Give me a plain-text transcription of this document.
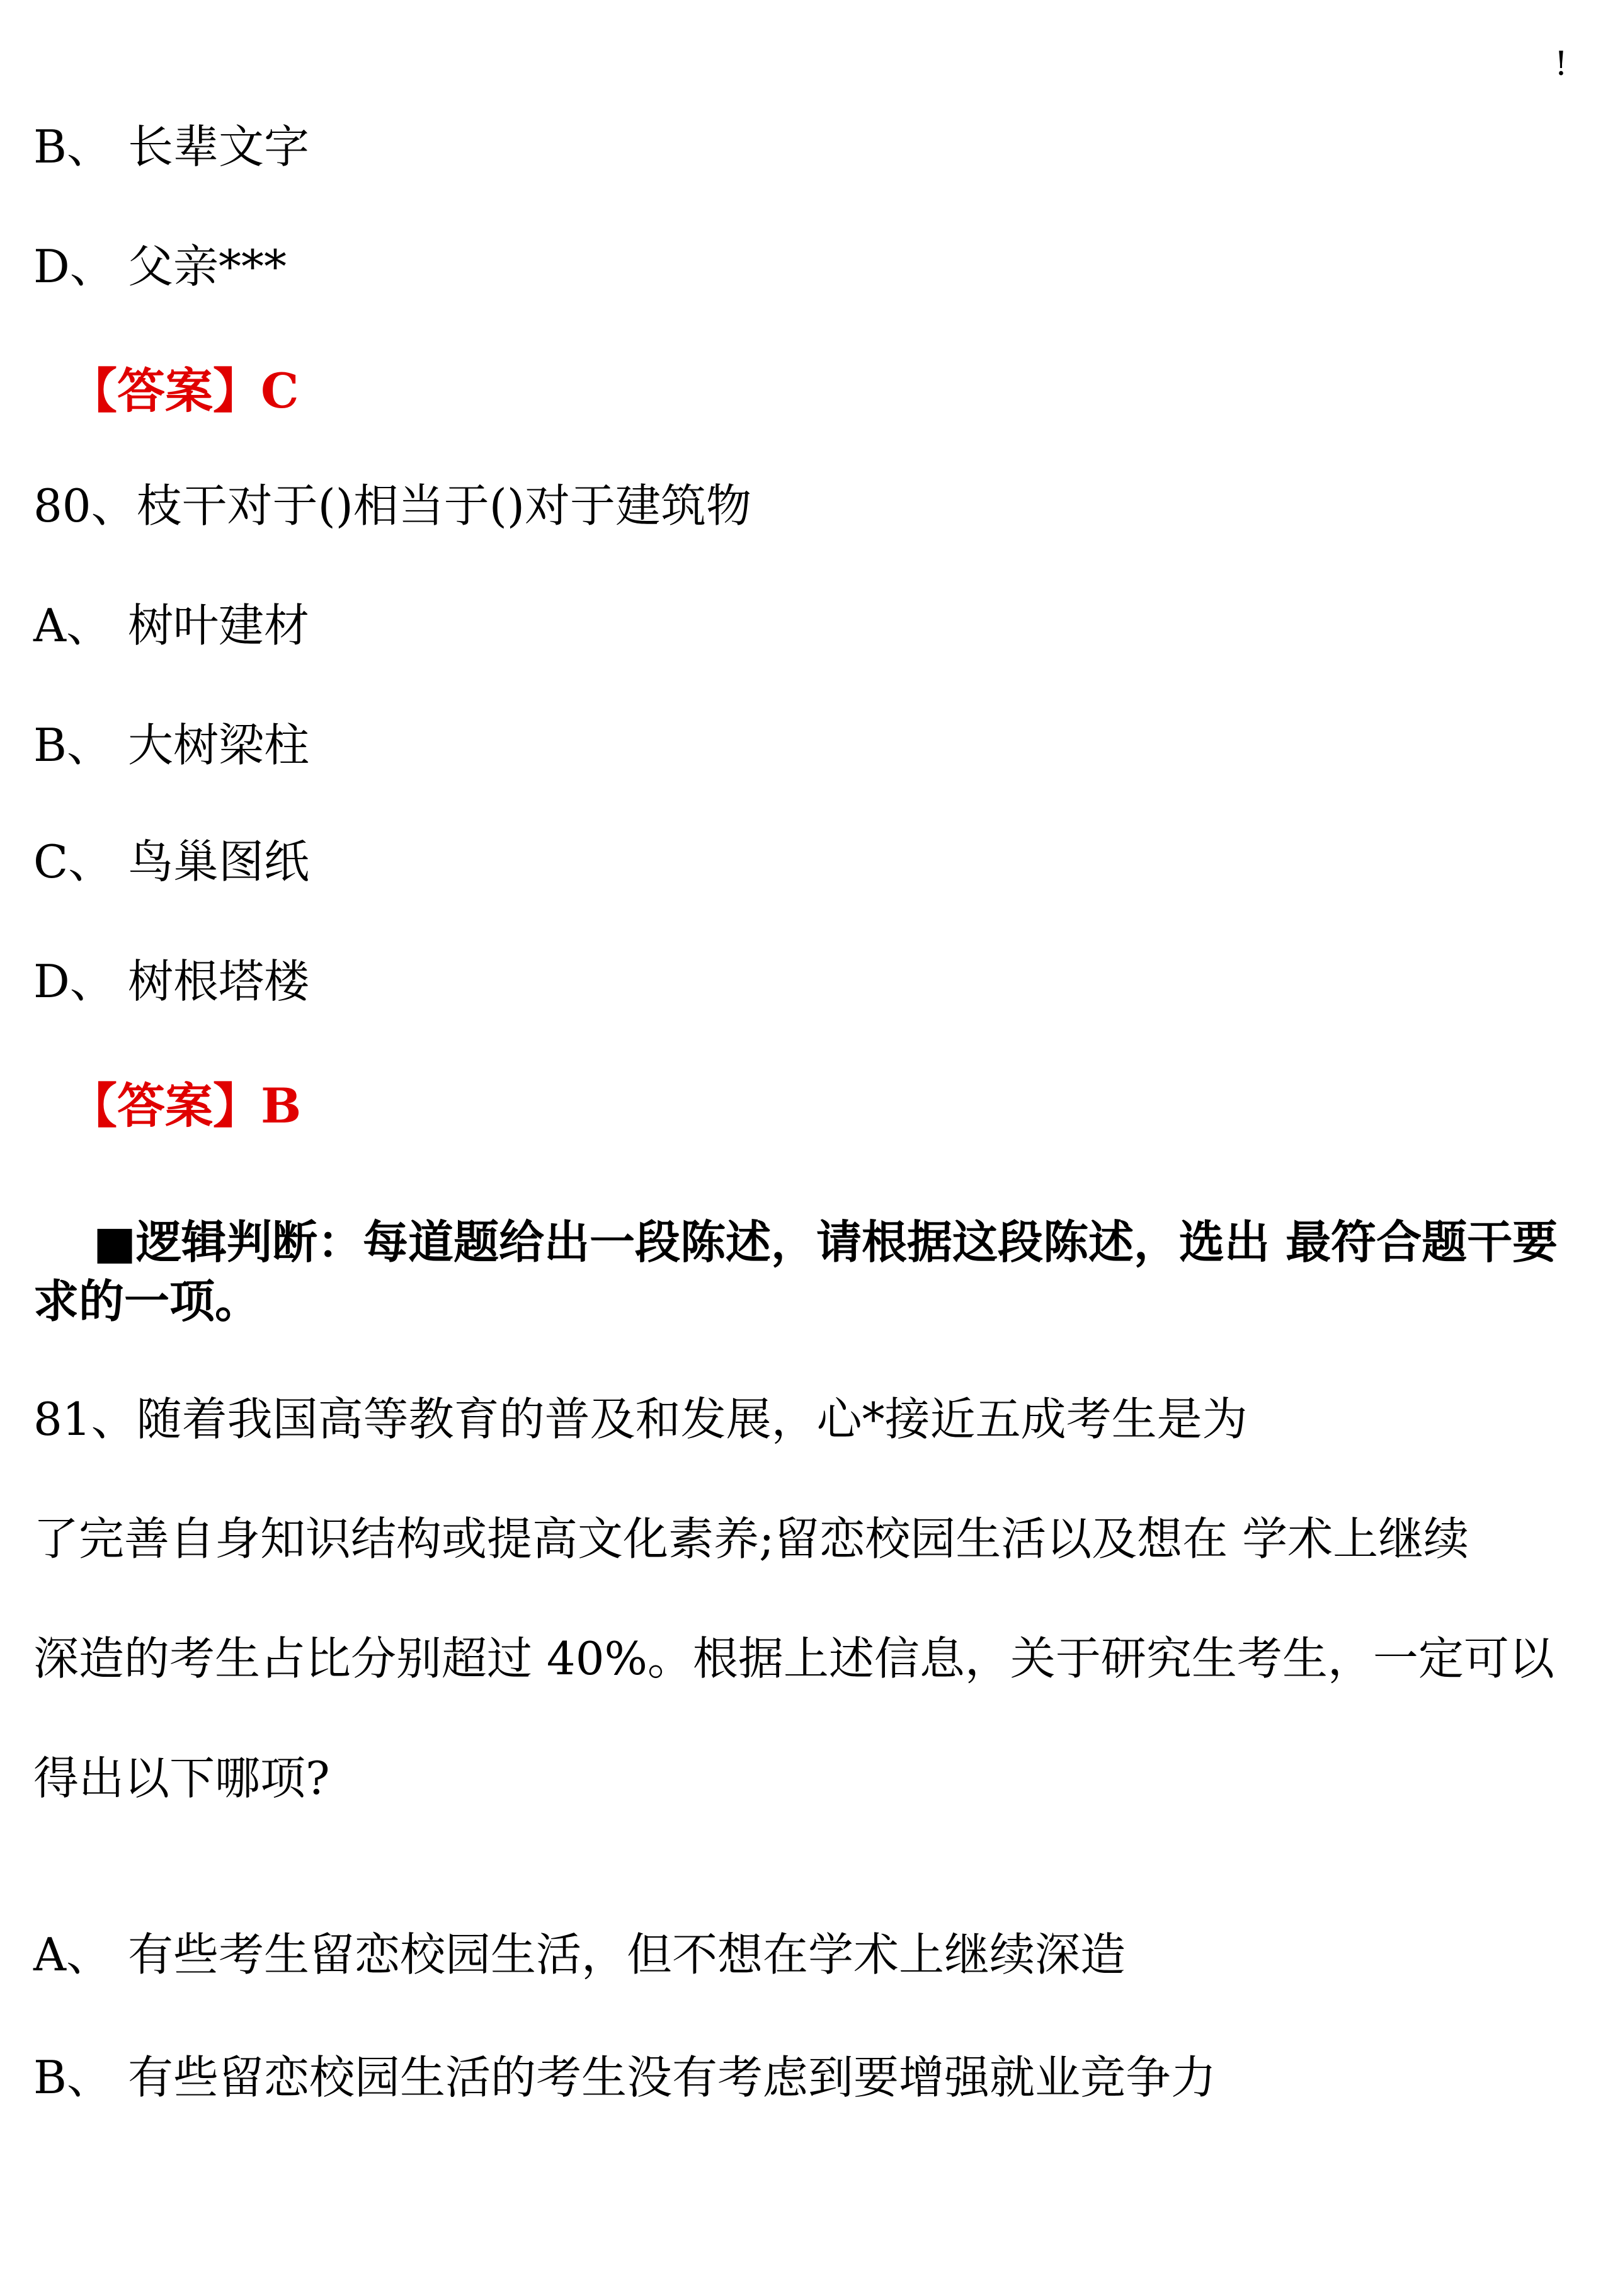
!
B、 长辈文字
D、 父亲***
【答案】C
80、枝干对于()相当于()对于建筑物
A、 树叶建材
B、 大树梁柱
C、 鸟巢图纸
D、 树根塔楼
【答案】B
■逻辑判断：每道题给出一段陈述，请根据这段陈述，选出 最符合题干要求的一项。
81、随着我国高等教育的普及和发展，心*接近五成考生是为
了完善自身知识结构或提高文化素养;留恋校园生活以及想在 学术上继续
深造的考生占比分别超过 40%。根据上述信息，关于研究生考生，一定可以
得出以下哪项?
A、 有些考生留恋校园生活，但不想在学术上继续深造
B、 有些留恋校园生活的考生没有考虑到要增强就业竞争力
